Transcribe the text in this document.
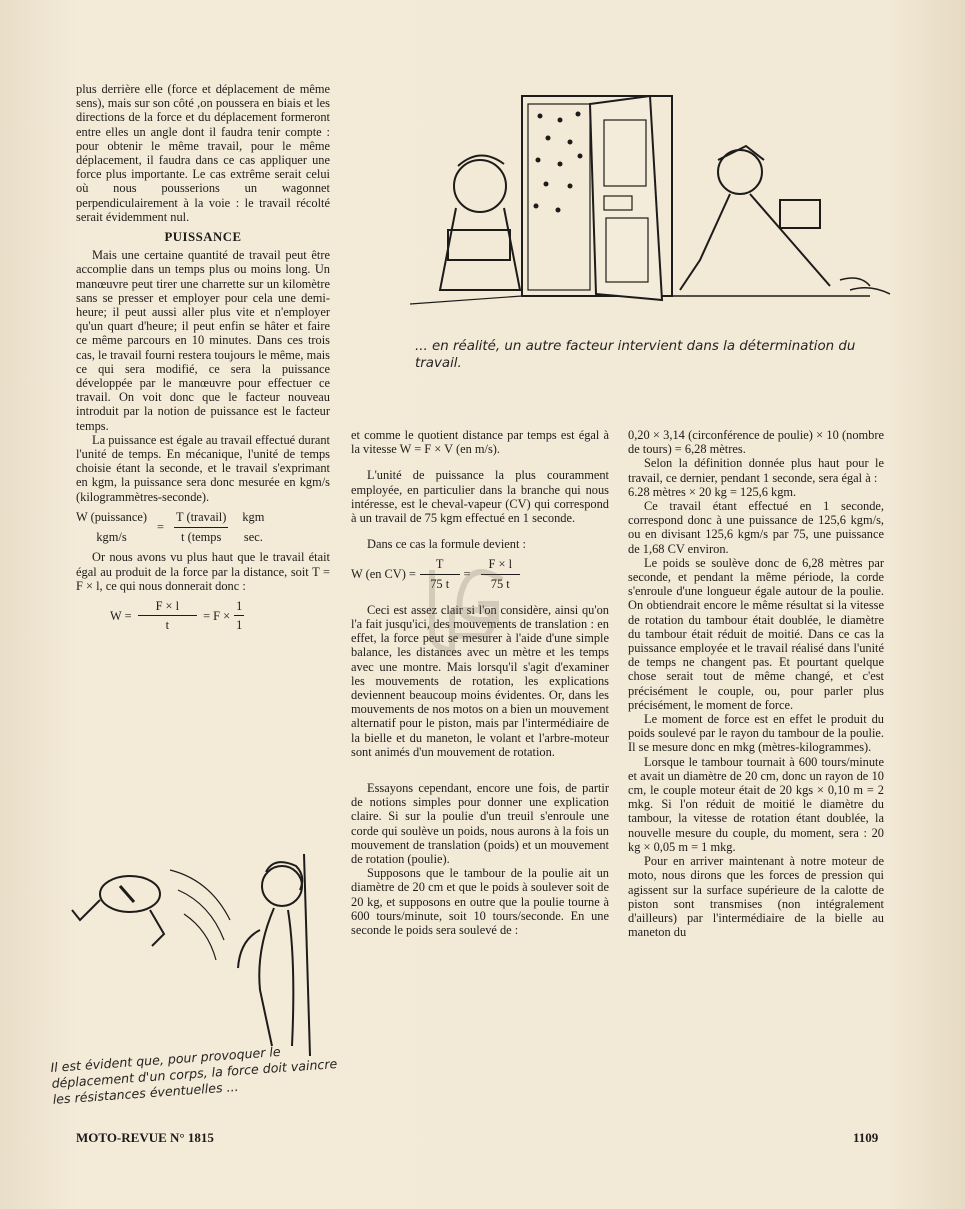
... en réalité, un autre facteur intervient dans la détermination du travail.

plus derrière elle (force et déplacement de même sens), mais sur son côté ,on poussera en biais et les directions de la force et du déplacement formeront entre elles un angle dont il faudra tenir compte : pour obtenir le même travail, pour le même déplacement, il faudra dans ce cas appliquer une force plus importante. Le cas extrême serait celui où nous pousserions un wagonnet perpendiculairement à la voie : le travail récolté serait évidemment nul.

PUISSANCE

Mais une certaine quantité de travail peut être accomplie dans un temps plus ou moins long. Un manœuvre peut tirer une charrette sur un kilomètre sans se presser et employer pour cela une demi-heure; il peut aussi aller plus vite et n'employer qu'un quart d'heure; il peut enfin se hâter et faire ce même parcours en 10 minutes. Dans ces trois cas, le travail fourni restera toujours le même, mais ce qui sera modifié, ce sera la puissance développée par le manœuvre pour effectuer ce travail. On voit donc que le facteur nouveau introduit par la notion de puissance est le facteur temps.

La puissance est égale au travail effectué durant l'unité de temps. En mécanique, l'unité de temps choisie étant la seconde, et le travail s'exprimant en kgm, la puissance sera donc mesurée en kgm/s (kilogrammètres-seconde).

W (puissance)
kgm/s
= $\frac{\text{T (travail)}}{\text{t (temps}}$ kgm
sec.

Or nous avons vu plus haut que le travail était égal au produit de la force par la distance, soit T = F × l, ce qui nous donnerait donc :

$W = \frac{F \times l}{t} = F \times \frac{1}{1}$
Il est évident que, pour provoquer le déplacement d'un corps, la force doit vaincre les résistances éventuelles ...

et comme le quotient distance par temps est égal à la vitesse W = F × V (en m/s).

L'unité de puissance la plus couramment employée, en particulier dans la branche qui nous intéresse, est le cheval-vapeur (CV) qui correspond à un travail de 75 kgm effectué en 1 seconde.

Dans ce cas la formule devient :

W (en $CV) = \frac{T}{75 t} = \frac{F \times l}{75 t}$

Ceci est assez clair si l'on considère, ainsi qu'on l'a fait jusqu'ici, des mouvements de translation : en effet, la force peut se mesurer à l'aide d'une simple balance, les distances avec un mètre et les temps avec une montre. Mais lorsqu'il s'agit d'examiner les mouvements de rotation, les explications deviennent beaucoup moins évidentes. Or, dans les mouvements de nos motos on a bien un mouvement alternatif pour le piston, mais par l'intermédiaire de la bielle et du maneton, le volant et l'arbre-moteur sont animés d'un mouvement de rotation.

Essayons cependant, encore une fois, de partir de notions simples pour donner une explication claire. Si sur la poulie d'un treuil s'enroule une corde qui soulève un poids, nous aurons à la fois un mouvement de translation (poids) et un mouvement de rotation (poulie).

Supposons que le tambour de la poulie ait un diamètre de 20 cm et que le poids à soulever soit de 20 kg, et supposons en outre que la poulie tourne à 600 tours/minute, soit 10 tours/seconde. En une seconde le poids sera soulevé de :

0,20 × 3,14 (circonférence de poulie) × 10 (nombre de tours) = 6,28 mètres.

Selon la définition donnée plus haut pour le travail, ce dernier, pendant 1 seconde, sera égal à :

6.28 mètres × 20 kg = 125,6 kgm.

Ce travail étant effectué en 1 seconde, correspond donc à une puissance de 125,6 kgm/s, ou en divisant 125,6 kgm/s par 75, une puissance de 1,68 CV environ.

Le poids se soulève donc de 6,28 mètres par seconde, et pendant la même période, la corde s'enroule d'une longueur égale autour de la poulie. On obtiendrait encore le même résultat si la vitesse de rotation du tambour était doublée, le diamètre du tambour était réduit de moitié. Dans ce cas la puissance employée et le travail réalisé dans l'unité de temps ne changent pas. Et pourtant quelque chose serait tout de même changé, et c'est précisément le couple, ou, pour parler plus précisément, le moment de force.

Le moment de force est en effet le produit du poids soulevé par le rayon du tambour de la poulie. Il se mesure donc en mkg (mètres-kilogrammes).

Lorsque le tambour tournait à 600 tours/minute et avait un diamètre de 20 cm, donc un rayon de 10 cm, le couple moteur était de 20 kgs × 0,10 m = 2 mkg. Si l'on réduit de moitié le diamètre du tambour, la vitesse de rotation étant doublée, la nouvelle mesure du couple, du moment, sera : 20 kg × 0,05 m = 1 mkg.

Pour en arriver maintenant à notre moteur de moto, nous dirons que les forces de pression qui agissent sur la surface supérieure de la calotte de piston sont transmises (non intégralement d'ailleurs) par l'intermédiaire de la bielle au maneton du

MOTO-REVUE N° 1815	1109
